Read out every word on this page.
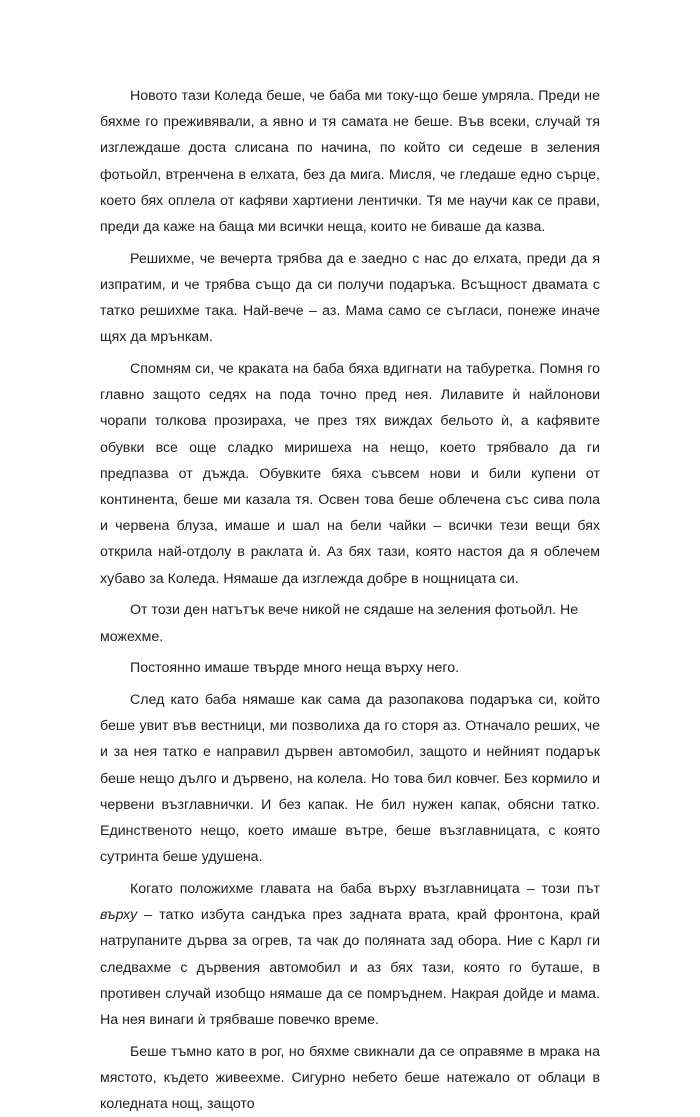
Новото тази Коледа беше, че баба ми току-що беше умряла. Преди не бяхме го преживявали, а явно и тя самата не беше. Във всеки, случай тя изглеждаше доста слисана по начина, по който си седеше в зеления фотьойл, втренчена в елхата, без да мига. Мисля, че гледаше едно сърце, което бях оплела от кафяви хартиени лентички. Тя ме научи как се прави, преди да каже на баща ми всички неща, които не биваше да казва.

Решихме, че вечерта трябва да е заедно с нас до елхата, преди да я изпратим, и че трябва също да си получи подаръка. Всъщност двамата с татко решихме така. Най-вече – аз. Мама само се съгласи, понеже иначе щях да мрънкам.

Спомням си, че краката на баба бяха вдигнати на табуретка. Помня го главно защото седях на пода точно пред нея. Лилавите ѝ найлонови чорапи толкова прозираха, че през тях виждах бельото ѝ, а кафявите обувки все още сладко миришеха на нещо, което трябвало да ги предпазва от дъжда. Обувките бяха съвсем нови и били купени от континента, беше ми казала тя. Освен това беше облечена със сива пола и червена блуза, имаше и шал на бели чайки – всички тези вещи бях открила най-отдолу в раклата ѝ. Аз бях тази, която настоя да я облечем хубаво за Коледа. Нямаше да изглежда добре в нощницата си.

От този ден натътък вече никой не сядаше на зеления фотьойл. Не можехме.

Постоянно имаше твърде много неща върху него.

След като баба нямаше как сама да разопакова подаръка си, който беше увит във вестници, ми позволиха да го сторя аз. Отначало реших, че и за нея татко е направил дървен автомобил, защото и нейният подарък беше нещо дълго и дървено, на колела. Но това бил ковчег. Без кормило и червени възглавнички. И без капак. Не бил нужен капак, обясни татко. Единственото нещо, което имаше вътре, беше възглавницата, с която сутринта беше удушена.

Когато положихме главата на баба върху възглавницата – този път върху – татко избута сандъка през задната врата, край фронтона, край натрупаните дърва за огрев, та чак до поляната зад обора. Ние с Карл ги следвахме с дървения автомобил и аз бях тази, която го буташе, в противен случай изобщо нямаше да се помръднем. Накрая дойде и мама. На нея винаги ѝ трябваше повечко време.

Беше тъмно като в рог, но бяхме свикнали да се оправяме в мрака на мястото, където живеехме. Сигурно небето беше натежало от облаци в коледната нощ, защото
